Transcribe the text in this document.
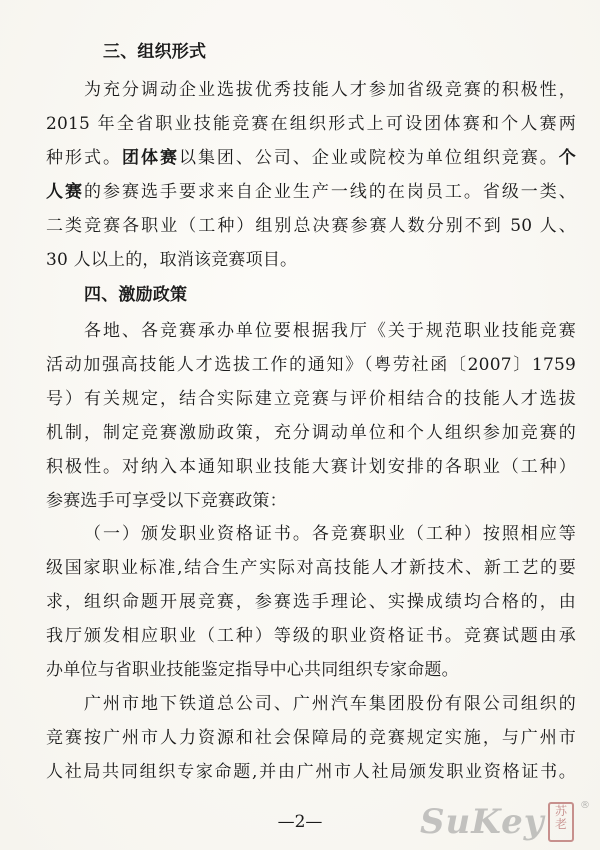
三、组织形式
为充分调动企业选拔优秀技能人才参加省级竞赛的积极性，
2015 年全省职业技能竞赛在组织形式上可设团体赛和个人赛两
种形式。团体赛以集团、公司、企业或院校为单位组织竞赛。个
人赛的参赛选手要求来自企业生产一线的在岗员工。省级一类、
二类竞赛各职业（工种）组别总决赛参赛人数分别不到 50 人、
30 人以上的，取消该竞赛项目。
四、激励政策
各地、各竞赛承办单位要根据我厅《关于规范职业技能竞赛
活动加强高技能人才选拔工作的通知》（粤劳社函〔2007〕1759
号）有关规定，结合实际建立竞赛与评价相结合的技能人才选拔
机制，制定竞赛激励政策，充分调动单位和个人组织参加竞赛的
积极性。对纳入本通知职业技能大赛计划安排的各职业（工种）
参赛选手可享受以下竞赛政策：
（一）颁发职业资格证书。各竞赛职业（工种）按照相应等
级国家职业标准,结合生产实际对高技能人才新技术、新工艺的要
求，组织命题开展竞赛，参赛选手理论、实操成绩均合格的，由
我厅颁发相应职业（工种）等级的职业资格证书。竞赛试题由承
办单位与省职业技能鉴定指导中心共同组织专家命题。
广州市地下铁道总公司、广州汽车集团股份有限公司组织的
竞赛按广州市人力资源和社会保障局的竞赛规定实施，与广州市
人社局共同组织专家命题,并由广州市人社局颁发职业资格证书。
—2—	SuKey 苏
老
®
